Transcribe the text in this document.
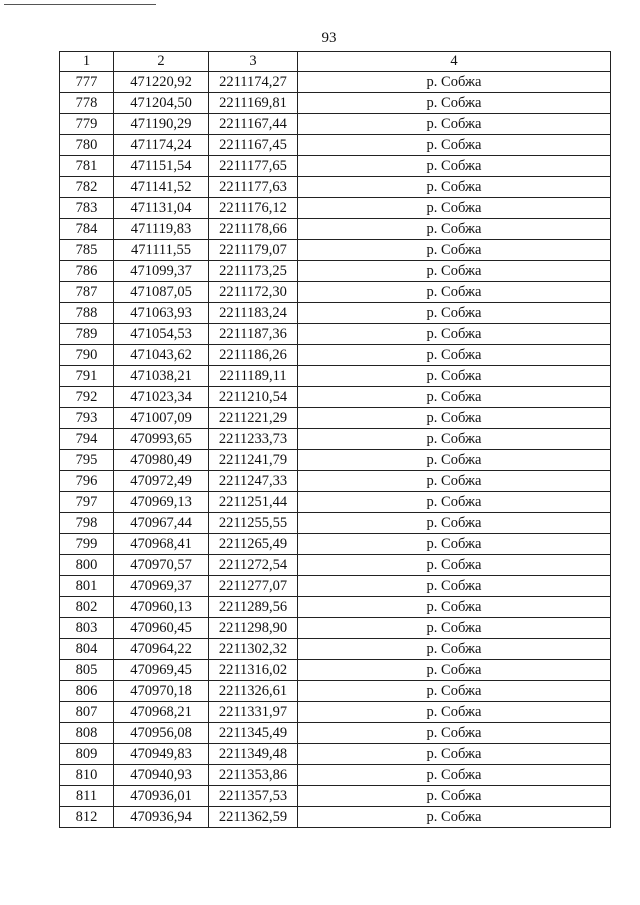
93
1	2	3	4
777	471220,92	2211174,27	р. Собжа
778	471204,50	2211169,81	р. Собжа
779	471190,29	2211167,44	р. Собжа
780	471174,24	2211167,45	р. Собжа
781	471151,54	2211177,65	р. Собжа
782	471141,52	2211177,63	р. Собжа
783	471131,04	2211176,12	р. Собжа
784	471119,83	2211178,66	р. Собжа
785	471111,55	2211179,07	р. Собжа
786	471099,37	2211173,25	р. Собжа
787	471087,05	2211172,30	р. Собжа
788	471063,93	2211183,24	р. Собжа
789	471054,53	2211187,36	р. Собжа
790	471043,62	2211186,26	р. Собжа
791	471038,21	2211189,11	р. Собжа
792	471023,34	2211210,54	р. Собжа
793	471007,09	2211221,29	р. Собжа
794	470993,65	2211233,73	р. Собжа
795	470980,49	2211241,79	р. Собжа
796	470972,49	2211247,33	р. Собжа
797	470969,13	2211251,44	р. Собжа
798	470967,44	2211255,55	р. Собжа
799	470968,41	2211265,49	р. Собжа
800	470970,57	2211272,54	р. Собжа
801	470969,37	2211277,07	р. Собжа
802	470960,13	2211289,56	р. Собжа
803	470960,45	2211298,90	р. Собжа
804	470964,22	2211302,32	р. Собжа
805	470969,45	2211316,02	р. Собжа
806	470970,18	2211326,61	р. Собжа
807	470968,21	2211331,97	р. Собжа
808	470956,08	2211345,49	р. Собжа
809	470949,83	2211349,48	р. Собжа
810	470940,93	2211353,86	р. Собжа
811	470936,01	2211357,53	р. Собжа
812	470936,94	2211362,59	р. Собжа
